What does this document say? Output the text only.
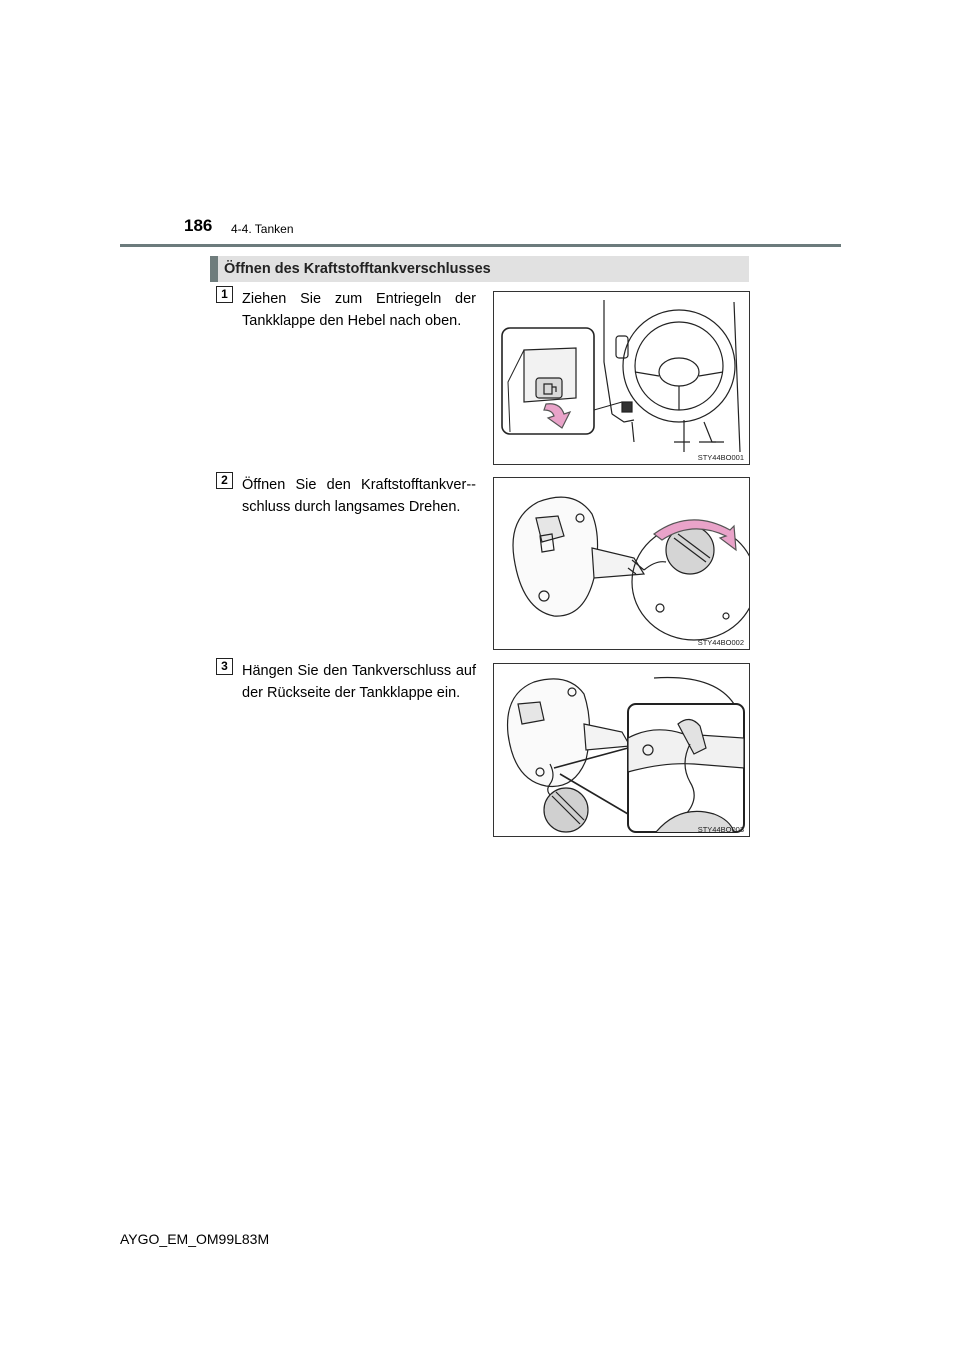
186 4-4. Tanken
Öffnen des Kraftstofftankverschlusses
1 Ziehen Sie zum Entriegeln der Tankklappe den Hebel nach oben.
STY44BO001
2 Öffnen Sie den Kraftstofftankver-schluss durch langsames Drehen.
STY44BO002
3 Hängen Sie den Tankverschluss auf der Rückseite der Tankklappe ein.
STY44BO003
AYGO_EM_OM99L83M
